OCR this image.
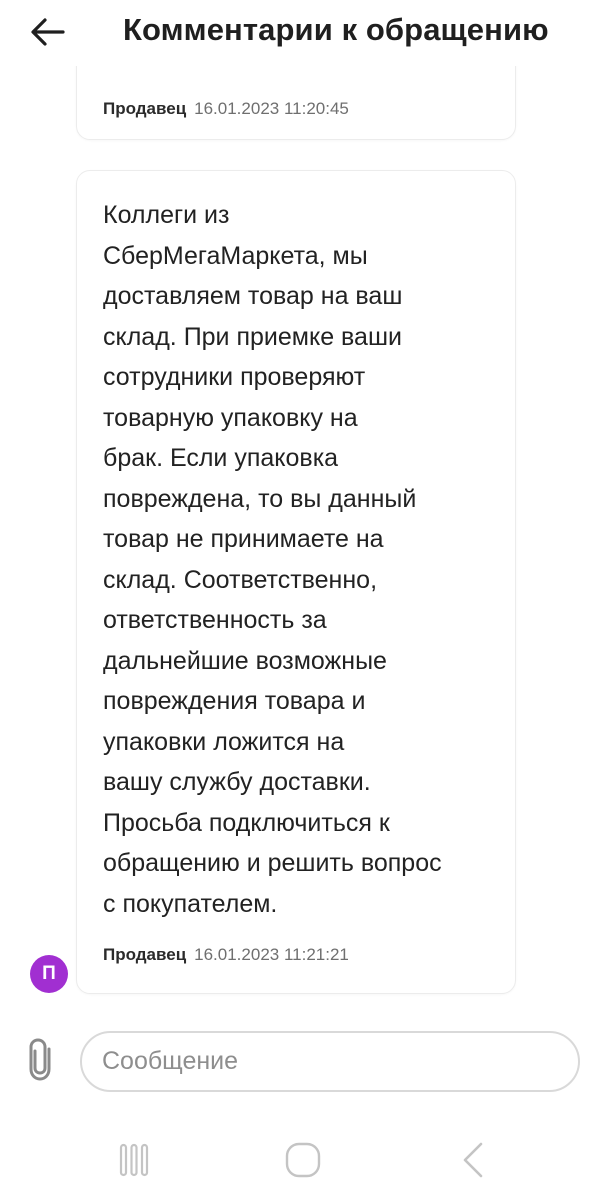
Комментарии к обращению
Продавец 16.01.2023 11:20:45
Коллеги из
СберМегаМаркета, мы
доставляем товар на ваш
склад. При приемке ваши
сотрудники проверяют
товарную упаковку на
брак. Если упаковка
повреждена, то вы данный
товар не принимаете на
склад. Соответственно,
ответственность за
дальнейшие возможные
повреждения товара и
упаковки ложится на
вашу службу доставки.
Просьба подключиться к
обращению и решить вопрос
с покупателем.
Продавец 16.01.2023 11:21:21
П
Сообщение
